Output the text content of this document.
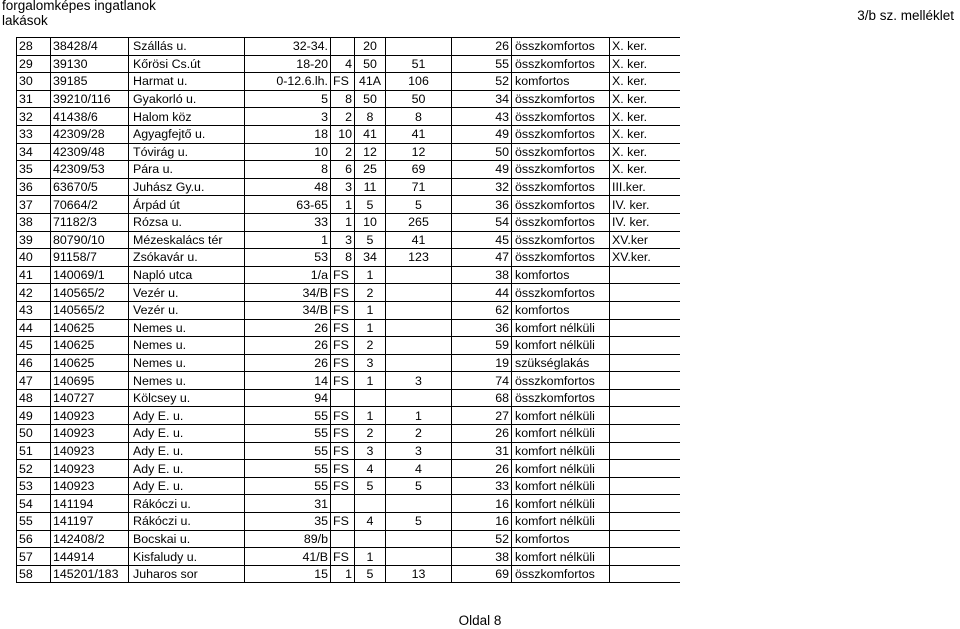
forgalomképes ingatlanok
lakások	3/b sz. melléklet
28	38428/4	Szállás u.	32-34.		20		26	összkomfortos	X. ker.
29	39130	Kőrösi Cs.út	18-20	4	50	51	55	összkomfortos	X. ker.
30	39185	Harmat u.	0-12.6.lh.	FS	41A	106	52	komfortos	X. ker.
31	39210/116	Gyakorló u.	5	8	50	50	34	összkomfortos	X. ker.
32	41438/6	Halom köz	3	2	8	8	43	összkomfortos	X. ker.
33	42309/28	Agyagfejtő u.	18	10	41	41	49	összkomfortos	X. ker.
34	42309/48	Tóvirág u.	10	2	12	12	50	összkomfortos	X. ker.
35	42309/53	Pára u.	8	6	25	69	49	összkomfortos	X. ker.
36	63670/5	Juhász Gy.u.	48	3	11	71	32	összkomfortos	III.ker.
37	70664/2	Árpád út	63-65	1	5	5	36	összkomfortos	IV. ker.
38	71182/3	Rózsa u.	33	1	10	265	54	összkomfortos	IV. ker.
39	80790/10	Mézeskalács tér	1	3	5	41	45	összkomfortos	XV.ker
40	91158/7	Zsókavár u.	53	8	34	123	47	összkomfortos	XV.ker.
41	140069/1	Napló utca	1/a	FS	1		38	komfortos	
42	140565/2	Vezér u.	34/B	FS	2		44	összkomfortos	
43	140565/2	Vezér u.	34/B	FS	1		62	komfortos	
44	140625	Nemes u.	26	FS	1		36	komfort nélküli	
45	140625	Nemes u.	26	FS	2		59	komfort nélküli	
46	140625	Nemes u.	26	FS	3		19	szükséglakás	
47	140695	Nemes u.	14	FS	1	3	74	összkomfortos	
48	140727	Kölcsey u.	94				68	összkomfortos	
49	140923	Ady E. u.	55	FS	1	1	27	komfort nélküli	
50	140923	Ady E. u.	55	FS	2	2	26	komfort nélküli	
51	140923	Ady E. u.	55	FS	3	3	31	komfort nélküli	
52	140923	Ady E. u.	55	FS	4	4	26	komfort nélküli	
53	140923	Ady E. u.	55	FS	5	5	33	komfort nélküli	
54	141194	Rákóczi u.	31				16	komfort nélküli	
55	141197	Rákóczi u.	35	FS	4	5	16	komfort nélküli	
56	142408/2	Bocskai u.	89/b				52	komfortos	
57	144914	Kisfaludy u.	41/B	FS	1		38	komfort nélküli	
58	145201/183	Juharos sor	15	1	5	13	69	összkomfortos	
Oldal 8
